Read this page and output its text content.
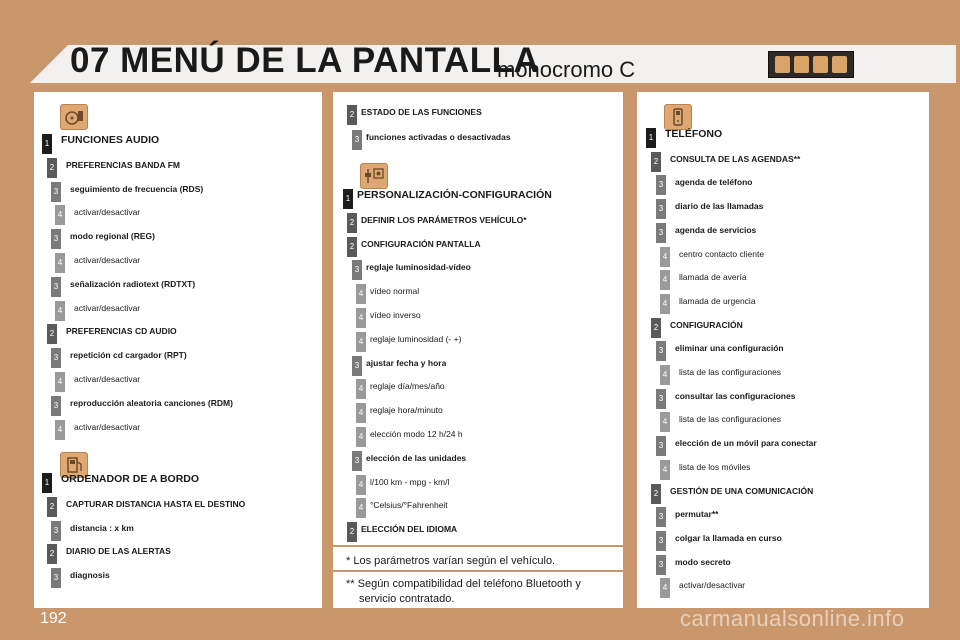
07 MENÚ DE LA PANTALLA
monocromo C
1 FUNCIONES AUDIO
2	PREFERENCIAS BANDA FM
3	seguimiento de frecuencia (RDS)
4	activar/desactivar
3	modo regional (REG)
4	activar/desactivar
3	señalización radiotext (RDTXT)
4	activar/desactivar
2	PREFERENCIAS CD AUDIO
3	repetición cd cargador (RPT)
4	activar/desactivar
3	reproducción aleatoria canciones (RDM)
4	activar/desactivar
1 ORDENADOR DE A BORDO
2	CAPTURAR DISTANCIA HASTA EL DESTINO
3	distancia : x km
2	DIARIO DE LAS ALERTAS
3	diagnosis
2 ESTADO DE LAS FUNCIONES
3 funciones activadas o desactivadas
1 PERSONALIZACIÓN-CONFIGURACIÓN
2 DEFINIR LOS PARÁMETROS VEHÍCULO*
2 CONFIGURACIÓN PANTALLA
3 reglaje luminosidad-vídeo
4 vídeo normal
4 vídeo inverso
4 reglaje luminosidad (- +)
3 ajustar fecha y hora
4 reglaje día/mes/año
4 reglaje hora/minuto
4 elección modo 12 h/24 h
3 elección de las unidades
4 l/100 km - mpg - km/l
4 °Celsius/°Fahrenheit
2 ELECCIÓN DEL IDIOMA
1 TELÉFONO
2	CONSULTA DE LAS AGENDAS**
3	agenda de teléfono
3	diario de las llamadas
3	agenda de servicios
4	centro contacto cliente
4	llamada de avería
4	llamada de urgencia
2	CONFIGURACIÓN
3	eliminar una configuración
4	lista de las configuraciones
3	consultar las configuraciones
4	lista de las configuraciones
3	elección de un móvil para conectar
4	lista de los móviles
2	GESTIÓN DE UNA COMUNICACIÓN
3	permutar**
3	colgar la llamada en curso
3	modo secreto
4	activar/desactivar
* Los parámetros varían según el vehículo.
** Según compatibilidad del teléfono Bluetooth y
servicio contratado.
192	carmanualsonline.info
